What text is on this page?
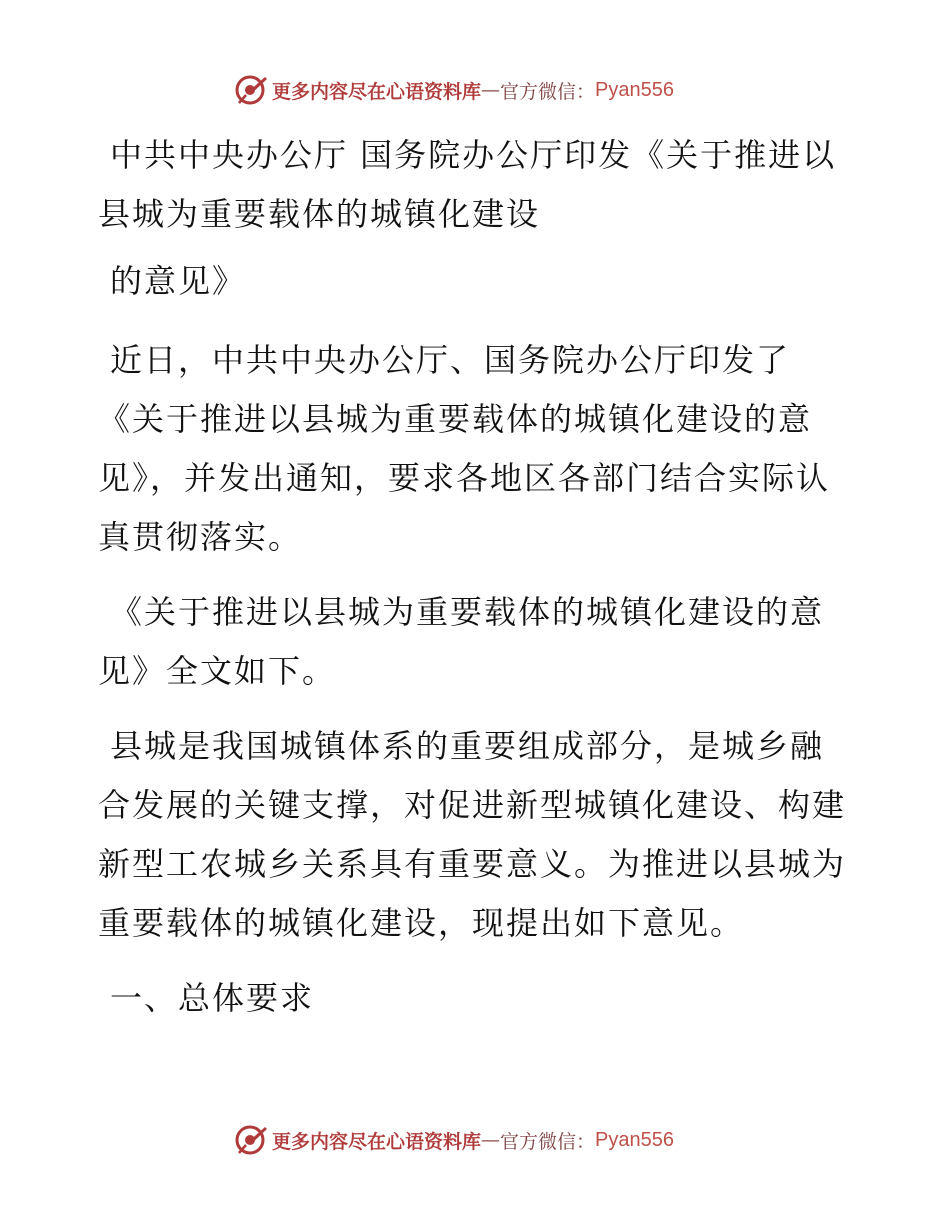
更多内容尽在心语资料库 — 官方微信： Pyan556

中共中央办公厅 国务院办公厅印发《关于推进以县城为重要载体的城镇化建设

的意见》

近日，中共中央办公厅、国务院办公厅印发了《关于推进以县城为重要载体的城镇化建设的意见》，并发出通知，要求各地区各部门结合实际认真贯彻落实。

《关于推进以县城为重要载体的城镇化建设的意见》全文如下。

县城是我国城镇体系的重要组成部分，是城乡融合发展的关键支撑，对促进新型城镇化建设、构建新型工农城乡关系具有重要意义。为推进以县城为重要载体的城镇化建设，现提出如下意见。

一、总体要求

更多内容尽在心语资料库 — 官方微信： Pyan556
